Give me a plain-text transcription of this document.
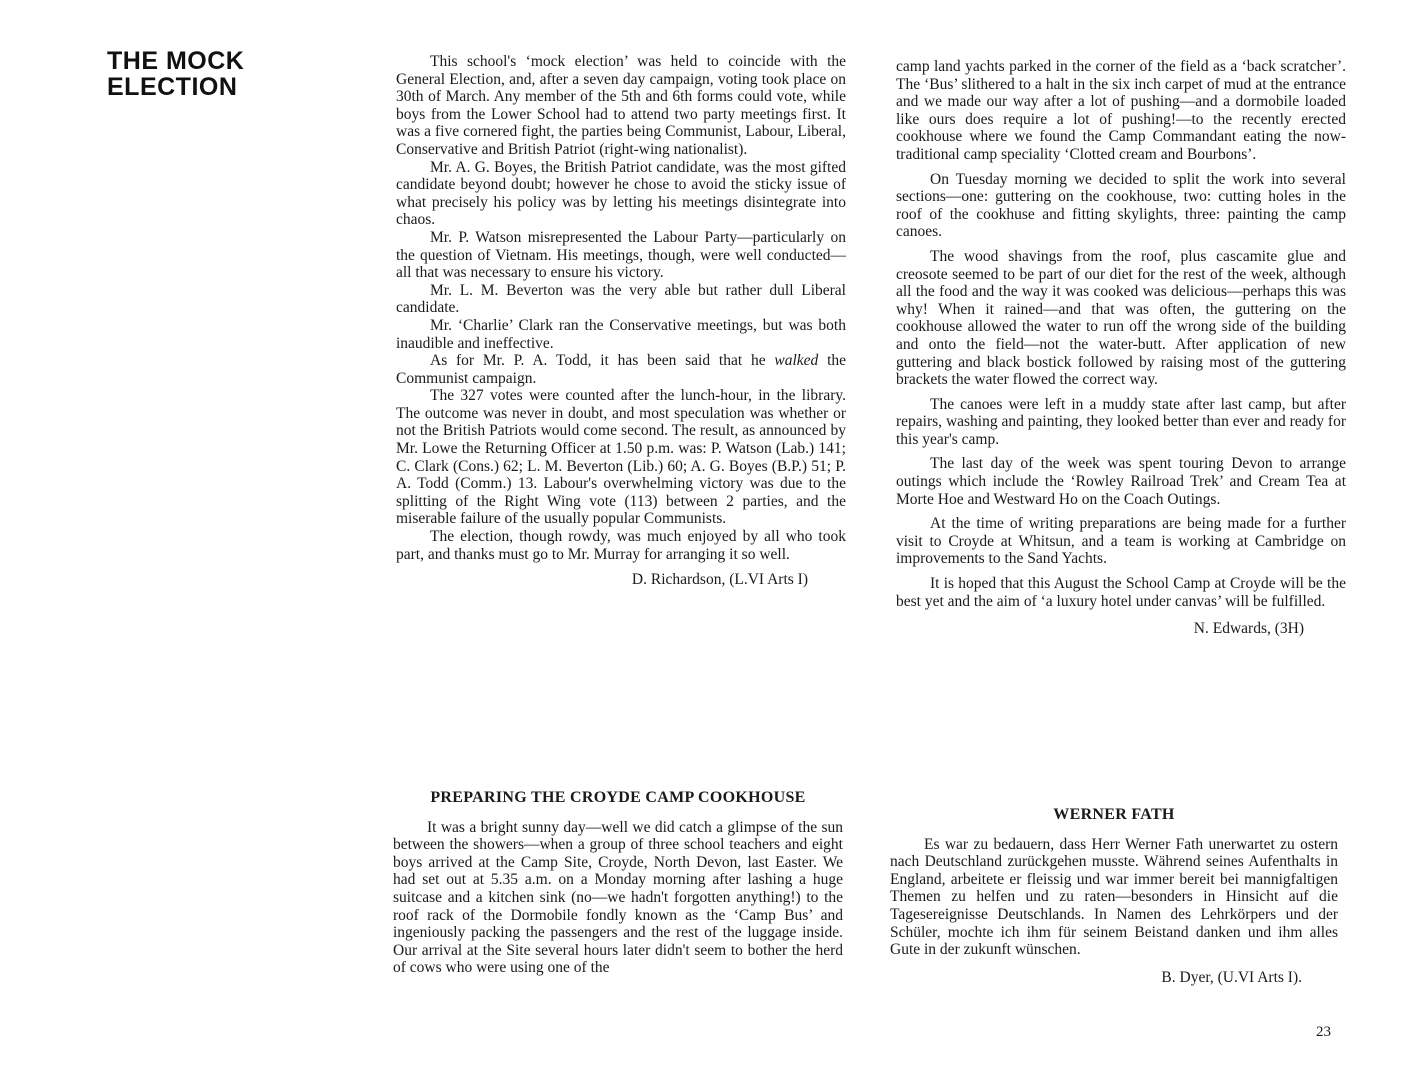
THE MOCK
ELECTION

This school's ‘mock election’ was held to coincide with the General Election, and, after a seven day campaign, voting took place on 30th of March. Any member of the 5th and 6th forms could vote, while boys from the Lower School had to attend two party meetings first. It was a five cornered fight, the parties being Communist, Labour, Liberal, Conservative and British Patriot (right-wing nationalist).

Mr. A. G. Boyes, the British Patriot candidate, was the most gifted candidate beyond doubt; however he chose to avoid the sticky issue of what precisely his policy was by letting his meetings disintegrate into chaos.

Mr. P. Watson misrepresented the Labour Party—particularly on the question of Vietnam. His meetings, though, were well conducted—all that was necessary to ensure his victory.

Mr. L. M. Beverton was the very able but rather dull Liberal candidate.

Mr. ‘Charlie’ Clark ran the Conservative meetings, but was both inaudible and ineffective.

As for Mr. P. A. Todd, it has been said that he walked the Communist campaign.

The 327 votes were counted after the lunch-hour, in the library. The outcome was never in doubt, and most speculation was whether or not the British Patriots would come second. The result, as announced by Mr. Lowe the Returning Officer at 1.50 p.m. was: P. Watson (Lab.) 141; C. Clark (Cons.) 62; L. M. Beverton (Lib.) 60; A. G. Boyes (B.P.) 51; P. A. Todd (Comm.) 13. Labour's overwhelming victory was due to the splitting of the Right Wing vote (113) between 2 parties, and the miserable failure of the usually popular Communists.

The election, though rowdy, was much enjoyed by all who took part, and thanks must go to Mr. Murray for arranging it so well.

D. Richardson, (L.VI Arts I)
PREPARING THE CROYDE CAMP COOKHOUSE

It was a bright sunny day—well we did catch a glimpse of the sun between the showers—when a group of three school teachers and eight boys arrived at the Camp Site, Croyde, North Devon, last Easter. We had set out at 5.35 a.m. on a Monday morning after lashing a huge suitcase and a kitchen sink (no—we hadn't forgotten anything!) to the roof rack of the Dormobile fondly known as the ‘Camp Bus’ and ingeniously packing the passengers and the rest of the luggage inside. Our arrival at the Site several hours later didn't seem to bother the herd of cows who were using one of the

camp land yachts parked in the corner of the field as a ‘back scratcher’. The ‘Bus’ slithered to a halt in the six inch carpet of mud at the entrance and we made our way after a lot of pushing—and a dormobile loaded like ours does require a lot of pushing!—to the recently erected cookhouse where we found the Camp Commandant eating the now-traditional camp speciality ‘Clotted cream and Bourbons’.

On Tuesday morning we decided to split the work into several sections—one: guttering on the cookhouse, two: cutting holes in the roof of the cookhuse and fitting skylights, three: painting the camp canoes.

The wood shavings from the roof, plus cascamite glue and creosote seemed to be part of our diet for the rest of the week, although all the food and the way it was cooked was delicious—perhaps this was why! When it rained—and that was often, the guttering on the cookhouse allowed the water to run off the wrong side of the building and onto the field—not the water-butt. After application of new guttering and black bostick followed by raising most of the guttering brackets the water flowed the correct way.

The canoes were left in a muddy state after last camp, but after repairs, washing and painting, they looked better than ever and ready for this year's camp.

The last day of the week was spent touring Devon to arrange outings which include the ‘Rowley Railroad Trek’ and Cream Tea at Morte Hoe and Westward Ho on the Coach Outings.

At the time of writing preparations are being made for a further visit to Croyde at Whitsun, and a team is working at Cambridge on improvements to the Sand Yachts.

It is hoped that this August the School Camp at Croyde will be the best yet and the aim of ‘a luxury hotel under canvas’ will be fulfilled.

N. Edwards, (3H)
WERNER FATH

Es war zu bedauern, dass Herr Werner Fath unerwartet zu ostern nach Deutschland zurückgehen musste. Während seines Aufenthalts in England, arbeitete er fleissig und war immer bereit bei mannigfaltigen Themen zu helfen und zu raten—besonders in Hinsicht auf die Tagesereignisse Deutschlands. In Namen des Lehrkörpers und der Schüler, mochte ich ihm für seinem Beistand danken und ihm alles Gute in der zukunft wünschen.

B. Dyer, (U.VI Arts I).
23
